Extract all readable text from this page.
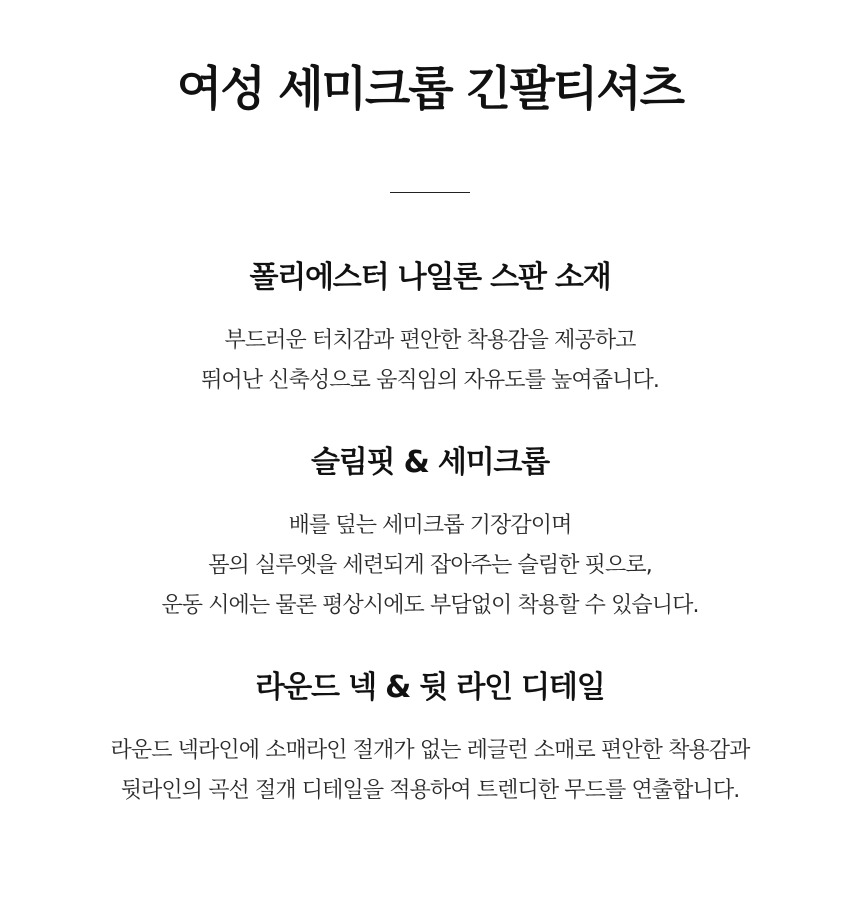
여성 세미크롭 긴팔티셔츠
폴리에스터 나일론 스판 소재
부드러운 터치감과 편안한 착용감을 제공하고
뛰어난 신축성으로 움직임의 자유도를 높여줍니다.
슬림핏 & 세미크롭
배를 덮는 세미크롭 기장감이며
몸의 실루엣을 세련되게 잡아주는 슬림한 핏으로,
운동 시에는 물론 평상시에도 부담없이 착용할 수 있습니다.
라운드 넥 & 뒷 라인 디테일
라운드 넥라인에 소매라인 절개가 없는 레글런 소매로 편안한 착용감과
뒷라인의 곡선 절개 디테일을 적용하여 트렌디한 무드를 연출합니다.
